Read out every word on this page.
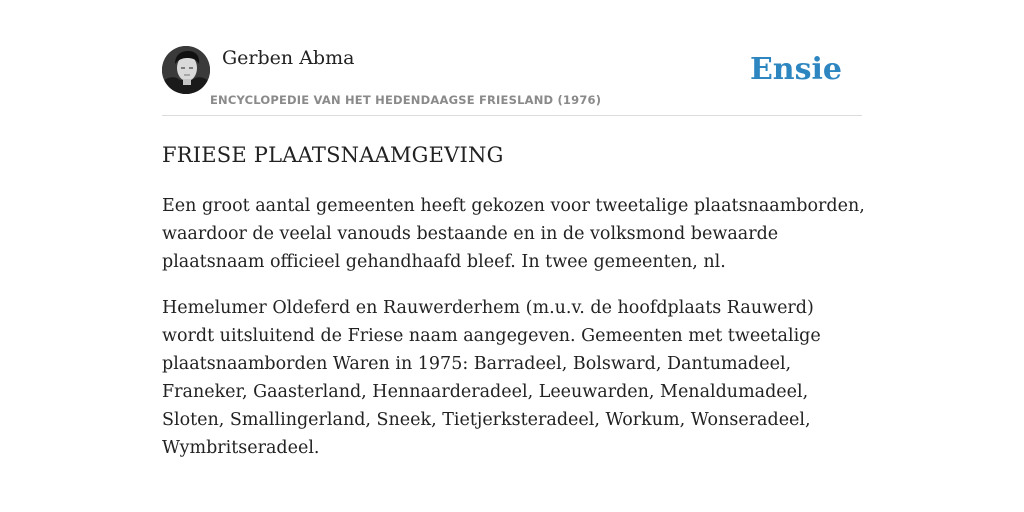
Gerben Abma
ENCYCLOPEDIE VAN HET HEDENDAAGSE FRIESLAND (1976)
Ensie
FRIESE PLAATSNAAMGEVING

Een groot aantal gemeenten heeft gekozen voor tweetalige plaatsnaamborden, waardoor de veelal vanouds bestaande en in de volksmond bewaarde plaatsnaam officieel gehandhaafd bleef. In twee gemeenten, nl.

Hemelumer Oldeferd en Rauwerderhem (m.u.v. de hoofdplaats Rauwerd) wordt uitsluitend de Friese naam aangegeven. Gemeenten met tweetalige plaatsnaamborden Waren in 1975: Barradeel, Bolsward, Dantumadeel, Franeker, Gaasterland, Hennaarderadeel, Leeuwarden, Menaldumadeel, Sloten, Smallingerland, Sneek, Tietjerksteradeel, Workum, Wonseradeel, Wymbritseradeel.
